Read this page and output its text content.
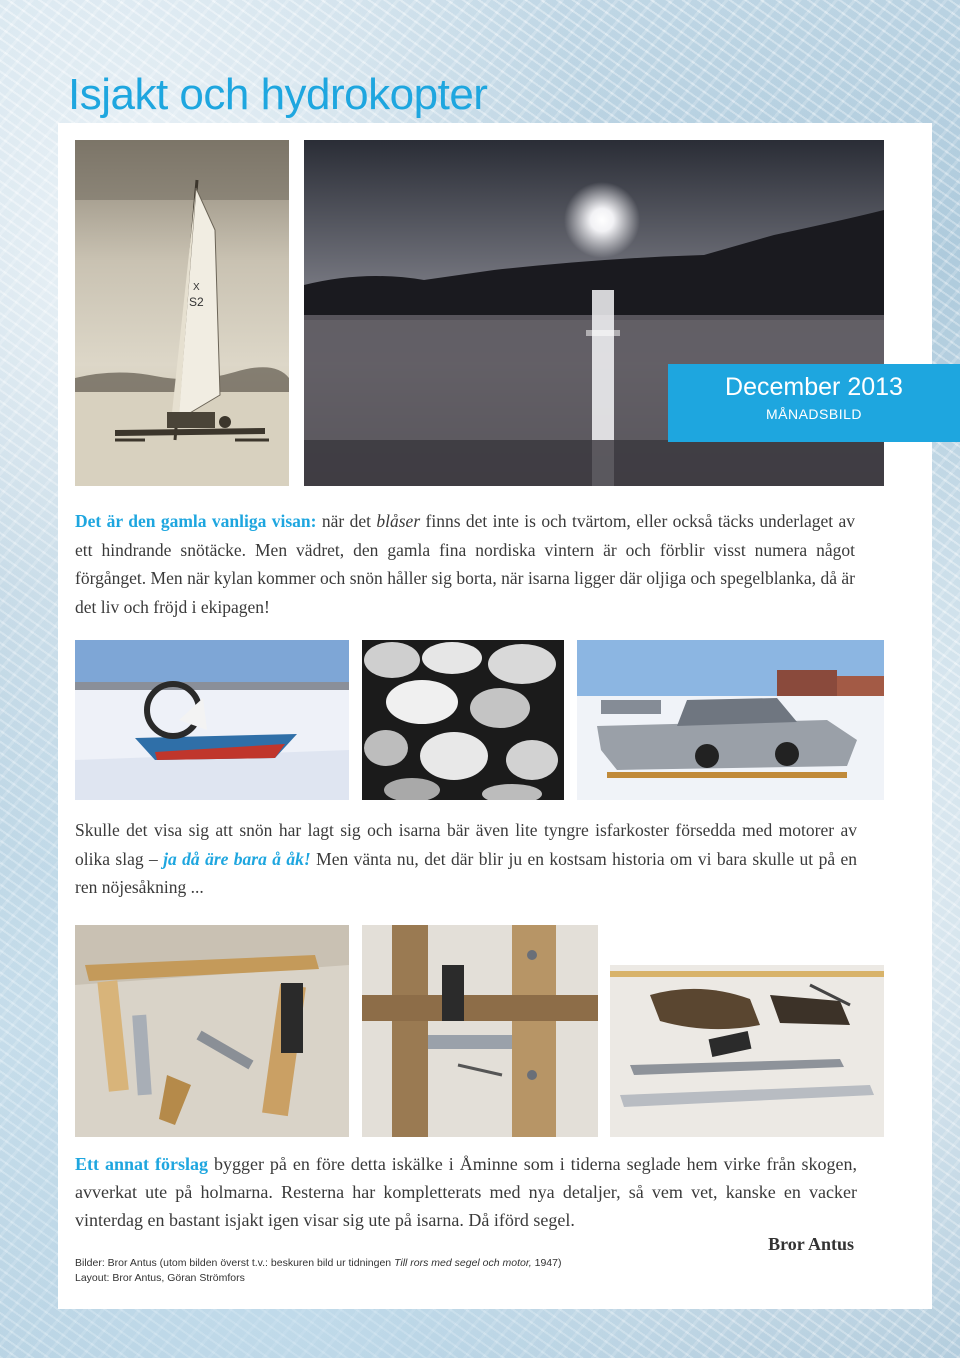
Isjakt och hydrokopter
X
S2
December 2013
MÅNADSBILD

Det är den gamla vanliga visan: när det blåser finns det inte is och tvärtom, eller också täcks underlaget av ett hindrande snötäcke. Men vädret, den gamla fina nordiska vintern är och förblir visst numera något förgånget. Men när kylan kommer och snön håller sig borta, när isarna ligger där oljiga och spegelblanka, då är det liv och fröjd i ekipagen!

Skulle det visa sig att snön har lagt sig och isarna bär även lite tyngre isfarkoster försedda med motorer av olika slag – ja då äre bara å åk! Men vänta nu, det där blir ju en kostsam historia om vi bara skulle ut på en ren nöjesåkning ...

Ett annat förslag bygger på en före detta iskälke i Åminne som i tiderna seglade hem virke från skogen, avverkat ute på holmarna. Resterna har kompletterats med nya detaljer, så vem vet, kanske en vacker vinterdag en bastant isjakt igen visar sig ute på isarna. Då iförd segel.

Bror Antus
Bilder: Bror Antus (utom bilden överst t.v.: beskuren bild ur tidningen Till rors med segel och motor, 1947)
Layout: Bror Antus, Göran Strömfors
